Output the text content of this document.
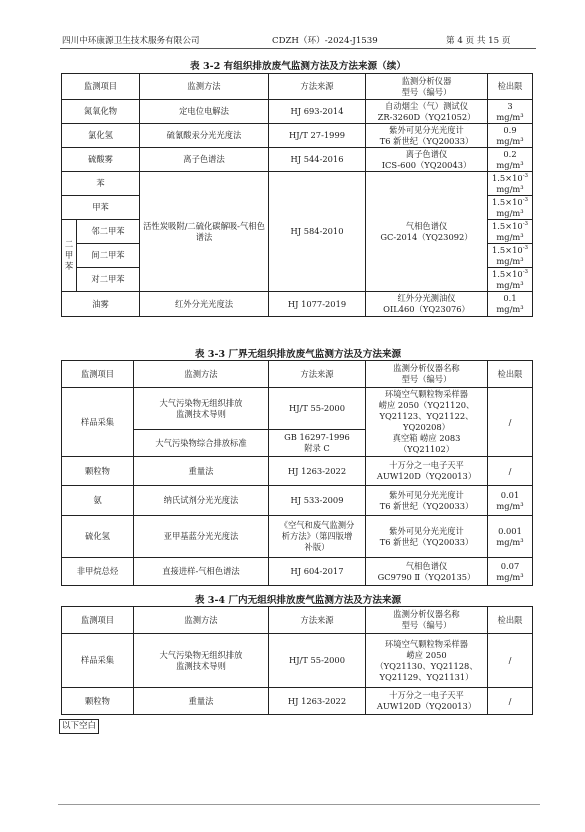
四川中环康源卫生技术服务有限公司	CDZH（环）-2024-J1539	第 4 页 共 15 页
表 3-2 有组织排放废气监测方法及方法来源（续）
监测项目		监测方法	方法来源	监测分析仪器
型号（编号）	检出限
氮氧化物		定电位电解法	HJ 693-2014	自动烟尘（气）测试仪
ZR-3260D（YQ21052）	3
mg/m³
氯化氢		硫氰酸汞分光光度法	HJ/T 27-1999	紫外可见分光光度计
T6 新世纪（YQ20033）	0.9
mg/m³
硫酸雾		离子色谱法	HJ 544-2016	离子色谱仪
ICS-600（YQ20043）	0.2
mg/m³
苯		活性炭吸附/二硫化碳解吸-气相色谱法	HJ 584-2010	气相色谱仪
GC-2014（YQ23092）	$1.5\times 10^{-3}$
mg/m³
甲苯					$1.5\times 10^{-3}$
mg/m³

二甲苯	邻二甲苯				$1.5\times 10^{-3}$
mg/m³
	间二甲苯				$1.5\times 10^{-3}$
mg/m³
	对二甲苯				$1.5\times 10^{-3}$
mg/m³
油雾		红外分光光度法	HJ 1077-2019	红外分光测油仪
OIL460（YQ23076）	0.1
mg/m³
表 3-3 厂界无组织排放废气监测方法及方法来源
监测项目	监测方法	方法来源	监测分析仪器名称
型号（编号）	检出限
样品采集	大气污染物无组织排放
监测技术导则	HJ/T 55-2000	环境空气颗粒物采样器
崂应 2050（YQ21120、
YQ21123、YQ21122、
YQ20208）
真空箱 崂应 2083（YQ21102）	/
	大气污染物综合排放标准	GB 16297-1996
附录 C		
颗粒物	重量法	HJ 1263-2022	十万分之一电子天平
AUW120D（YQ20013）	/
氨	纳氏试剂分光光度法	HJ 533-2009	紫外可见分光光度计
T6 新世纪（YQ20033）	0.01
mg/m³
硫化氢	亚甲基蓝分光光度法	《空气和废气监测分
析方法》（第四版增
补版）	紫外可见分光光度计
T6 新世纪（YQ20033）	0.001
mg/m³
非甲烷总烃	直接进样-气相色谱法	HJ 604-2017	气相色谱仪
GC9790 Ⅱ（YQ20135）	0.07
mg/m³
表 3-4 厂内无组织排放废气监测方法及方法来源
监测项目	监测方法	方法来源	监测分析仪器名称
型号（编号）	检出限
样品采集	大气污染物无组织排放
监测技术导则	HJ/T 55-2000	环境空气颗粒物采样器
崂应 2050
（YQ21130、YQ21128、
YQ21129、YQ21131）	/
颗粒物	重量法	HJ 1263-2022	十万分之一电子天平
AUW120D（YQ20013）	/
以下空白
